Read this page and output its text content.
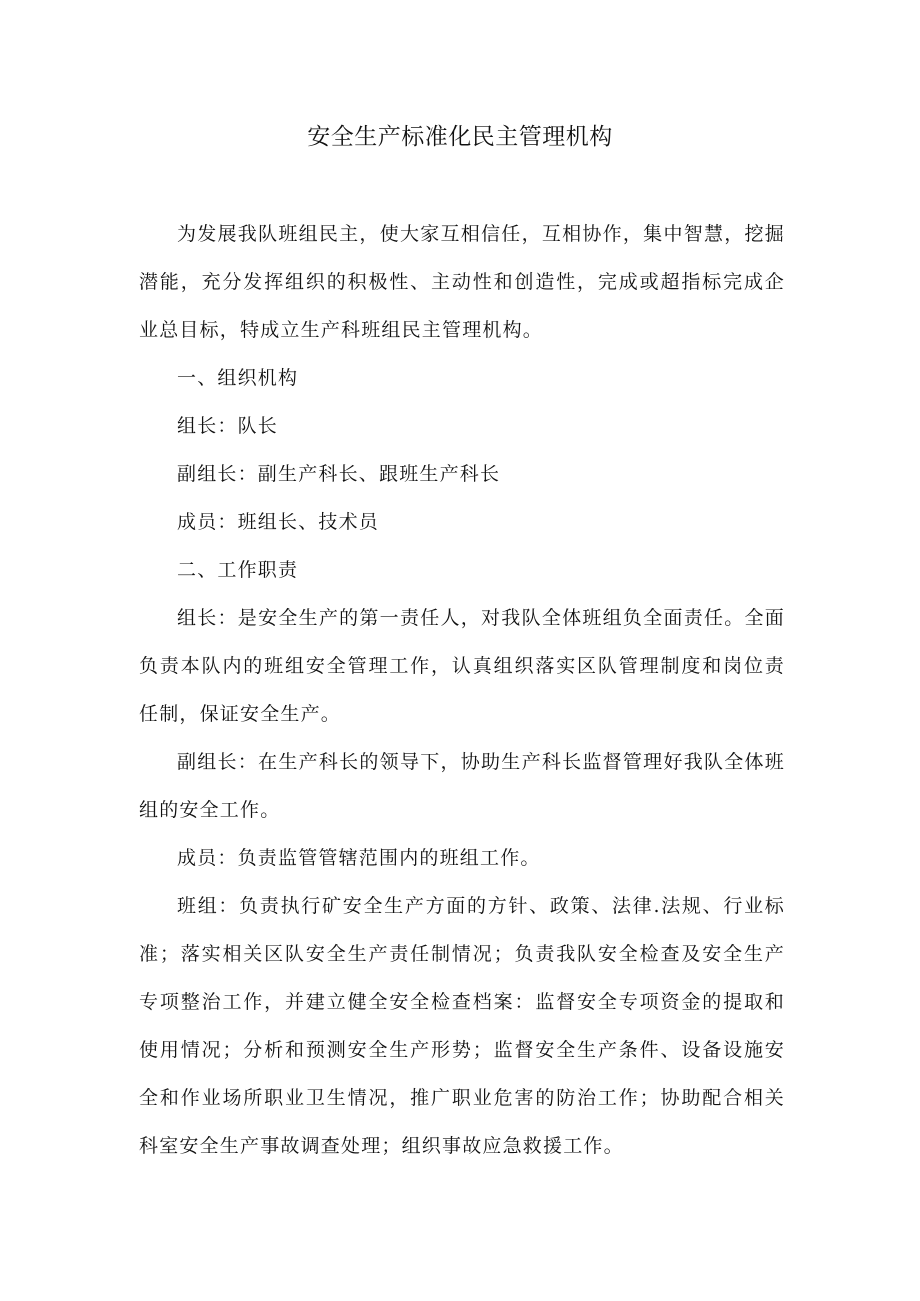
安全生产标准化民主管理机构

为发展我队班组民主，使大家互相信任，互相协作，集中智慧，挖掘潜能，充分发挥组织的积极性、主动性和创造性，完成或超指标完成企业总目标，特成立生产科班组民主管理机构。

一、组织机构

组长：队长

副组长：副生产科长、跟班生产科长

成员：班组长、技术员

二、工作职责

组长：是安全生产的第一责任人，对我队全体班组负全面责任。全面负责本队内的班组安全管理工作，认真组织落实区队管理制度和岗位责任制，保证安全生产。

副组长：在生产科长的领导下，协助生产科长监督管理好我队全体班组的安全工作。

成员：负责监管管辖范围内的班组工作。

班组：负责执行矿安全生产方面的方针、政策、法律.法规、行业标准；落实相关区队安全生产责任制情况；负责我队安全检查及安全生产专项整治工作，并建立健全安全检查档案：监督安全专项资金的提取和使用情况；分析和预测安全生产形势；监督安全生产条件、设备设施安全和作业场所职业卫生情况，推广职业危害的防治工作；协助配合相关科室安全生产事故调查处理；组织事故应急救援工作。
